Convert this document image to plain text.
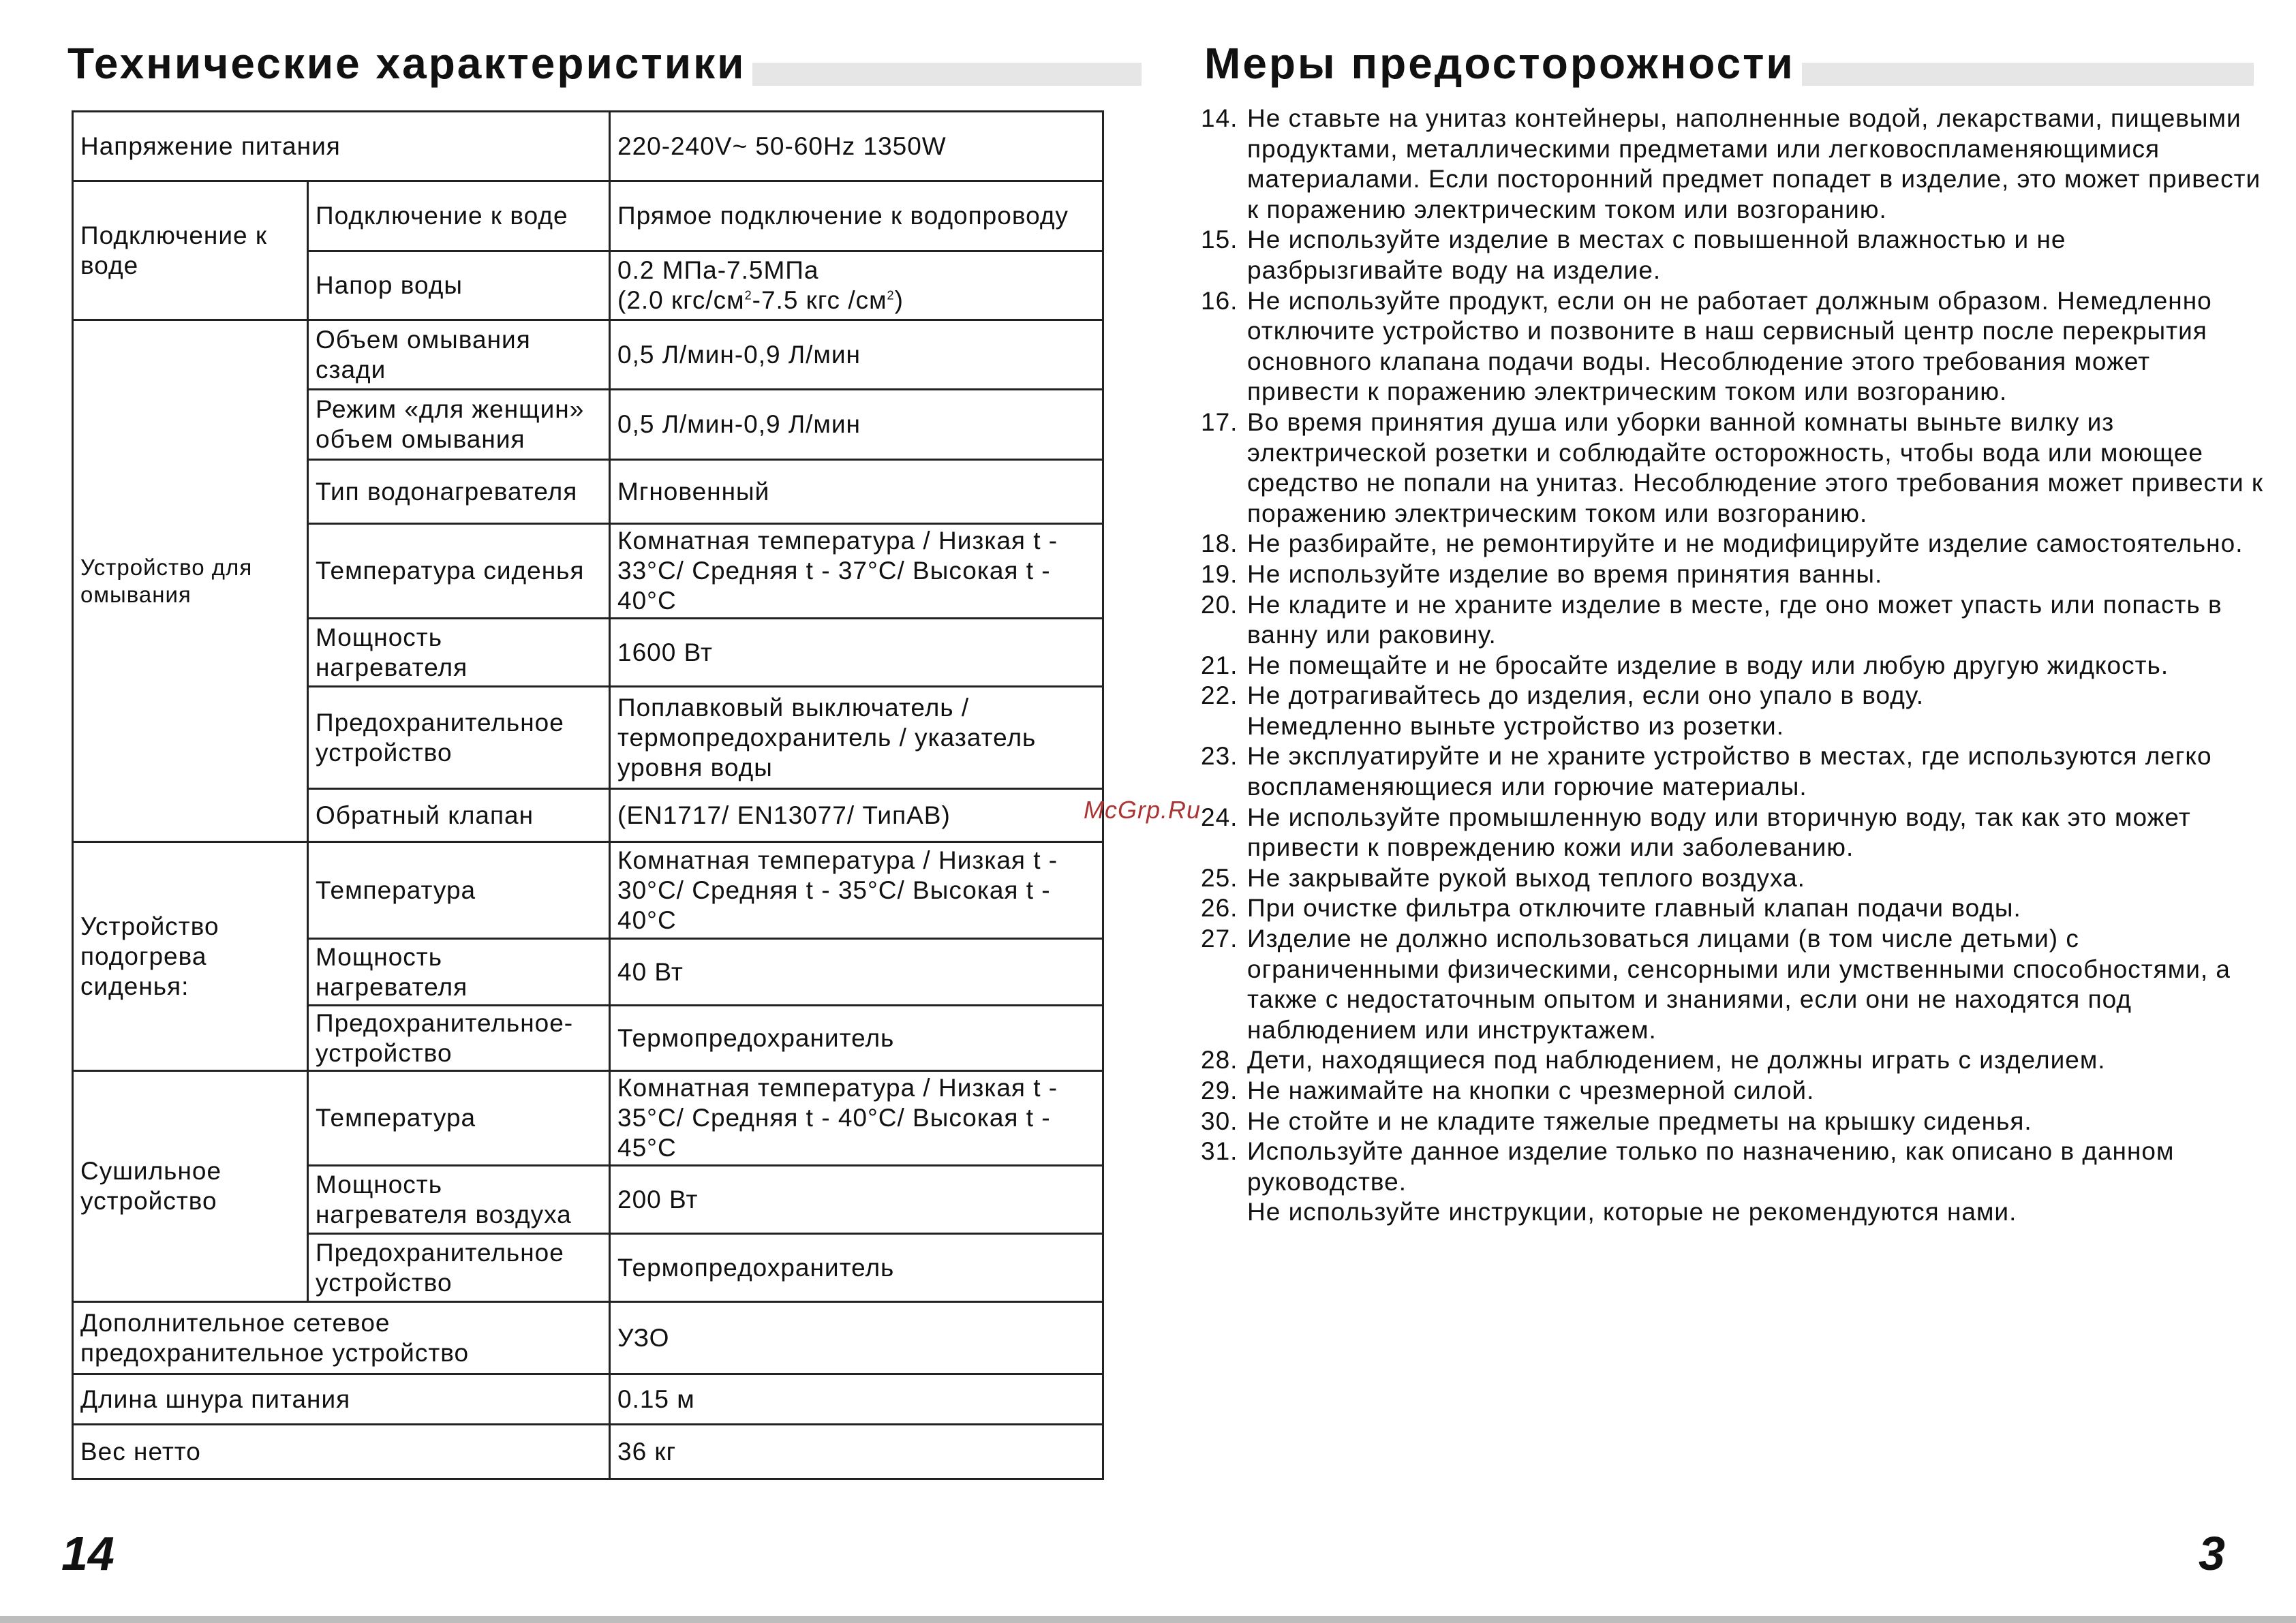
Технические характеристики	Меры предосторожности
Напряжение питания		220-240V~ 50-60Hz 1350W
Подключение к воде	Подключение к воде	Прямое подключение к водопроводу
	Напор воды	0.2 МПа-7.5МПа
(2.0 кгс/$см^2-7.5$ кгс $/см^2$)
Устройство для омывания	Объем омывания сзади	0,5 Л/мин-0,9 Л/мин
	Режим «для женщин» объем омывания	0,5 Л/мин-0,9 Л/мин
	Тип водонагревателя	Мгновенный
	Температура сиденья	Комнатная температура / Низкая t - 33°C/ Средняя t - 37°C/ Высокая t - 40°C
	Мощность нагревателя	1600 Вт
	Предохранительное устройство	Поплавковый выключатель / термопредохранитель / указатель уровня воды
	Обратный клапан	(EN1717/ EN13077/ ТипAB)
Устройство подогрева сиденья:	Температура	Комнатная температура / Низкая t - 30°C/ Средняя t - 35°C/ Высокая t - 40°C
	Мощность нагревателя	40 Вт
	Предохранительное-устройство	Термопредохранитель
Сушильное устройство	Температура	Комнатная температура / Низкая t - 35°C/ Средняя t - 40°C/ Высокая t - 45°C
	Мощность нагревателя воздуха	200 Вт
	Предохранительное устройство	Термопредохранитель
Дополнительное сетевое предохранительное устройство		УЗО
Длина шнура питания		0.15 м
Вес нетто		36 кг
14. Не ставьте на унитаз контейнеры, наполненные водой, лекарствами, пищевыми продуктами, металлическими предметами или легковоспламеняющимися материалами. Если посторонний предмет попадет в изделие, это может привести к поражению электрическим током или возгоранию.
15. Не используйте изделие в местах с повышенной влажностью и не разбрызгивайте воду на изделие.
16. Не используйте продукт, если он не работает должным образом. Немедленно отключите устройство и позвоните в наш сервисный центр после перекрытия основного клапана подачи воды. Несоблюдение этого требования может привести к поражению электрическим током или возгоранию.
17. Во время принятия душа или уборки ванной комнаты выньте вилку из электрической розетки и соблюдайте осторожность, чтобы вода или моющее средство не попали на унитаз. Несоблюдение этого требования может привести к поражению электрическим током или возгоранию.
18. Не разбирайте, не ремонтируйте и не модифицируйте изделие самостоятельно.
19. Не используйте изделие во время принятия ванны.
20. Не кладите и не храните изделие в месте, где оно может упасть или попасть в ванну или раковину.
21. Не помещайте и не бросайте изделие в воду или любую другую жидкость.
22. Не дотрагивайтесь до изделия, если оно упало в воду.
Немедленно выньте устройство из розетки.
23. Не эксплуатируйте и не храните устройство в местах, где используются легко воспламеняющиеся или горючие материалы.
24. Не используйте промышленную воду или вторичную воду, так как это может привести к повреждению кожи или заболеванию.
25. Не закрывайте рукой выход теплого воздуха.
26. При очистке фильтра отключите главный клапан подачи воды.
27. Изделие не должно использоваться лицами (в том числе детьми) с ограниченными физическими, сенсорными или умственными способностями, а также с недостаточным опытом и знаниями, если они не находятся под наблюдением или инструктажем.
28. Дети, находящиеся под наблюдением, не должны играть с изделием.
29. Не нажимайте на кнопки с чрезмерной силой.
30. Не стойте и не кладите тяжелые предметы на крышку сиденья.
31. Используйте данное изделие только по назначению, как описано в данном руководстве.
Не используйте инструкции, которые не рекомендуются нами.
McGrp.Ru
14	3
